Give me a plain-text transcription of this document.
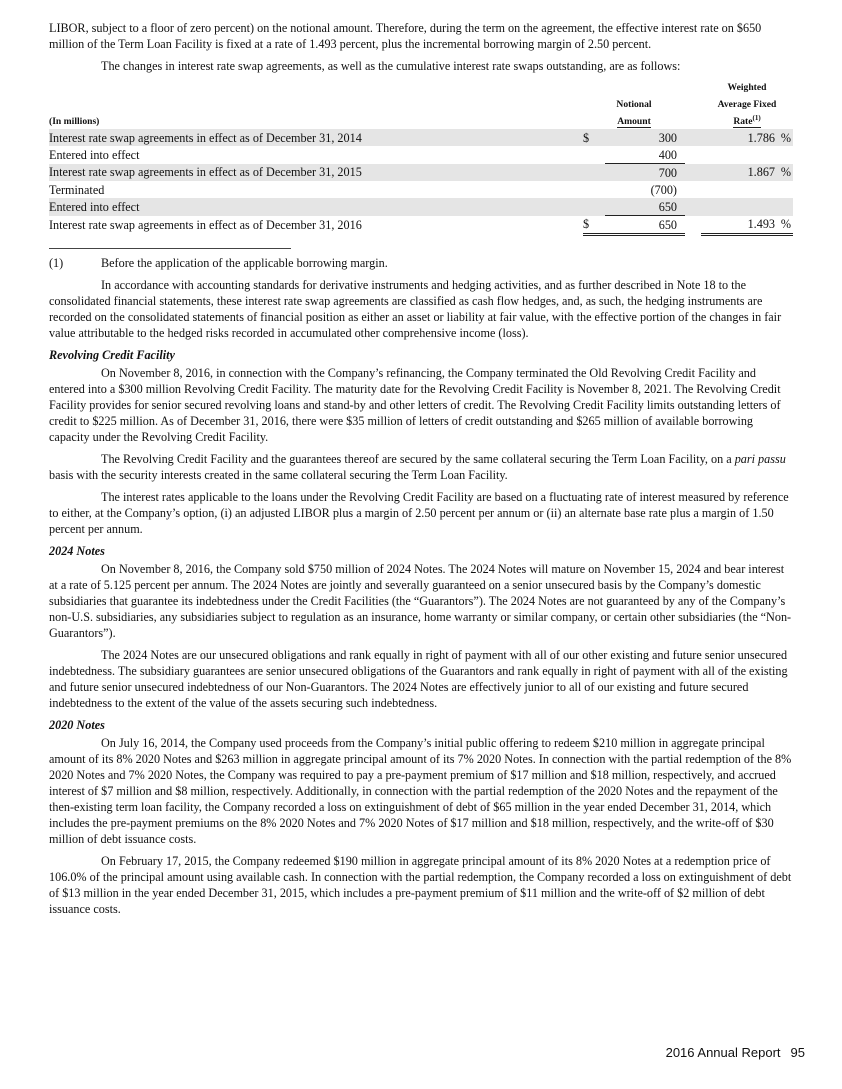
LIBOR, subject to a floor of zero percent) on the notional amount. Therefore, during the term on the agreement, the effective interest rate on $650 million of the Term Loan Facility is fixed at a rate of 1.493 percent, plus the incremental borrowing margin of 2.50 percent.

The changes in interest rate swap agreements, as well as the cumulative interest rate swaps outstanding, are as follows:

				Weighted	
	Notional			Average Fixed	
(In millions)	Amount			Rate$^{(1)}$
Interest rate swap agreements in effect as of December 31, 2014	$	300		1.786	%
Entered into effect		400			
Interest rate swap agreements in effect as of December 31, 2015		700		1.867	%
Terminated		(700)			
Entered into effect		650			
Interest rate swap agreements in effect as of December 31, 2016	$	650		1.493	%
(1)	Before the application of the applicable borrowing margin.

In accordance with accounting standards for derivative instruments and hedging activities, and as further described in Note 18 to the consolidated financial statements, these interest rate swap agreements are classified as cash flow hedges, and, as such, the hedging instruments are recorded on the consolidated statements of financial position as either an asset or liability at fair value, with the effective portion of the changes in fair value attributable to the hedged risks recorded in accumulated other comprehensive income (loss).

Revolving Credit Facility

On November 8, 2016, in connection with the Company’s refinancing, the Company terminated the Old Revolving Credit Facility and entered into a $300 million Revolving Credit Facility. The maturity date for the Revolving Credit Facility is November 8, 2021. The Revolving Credit Facility provides for senior secured revolving loans and stand-by and other letters of credit. The Revolving Credit Facility limits outstanding letters of credit to $225 million. As of December 31, 2016, there were $35 million of letters of credit outstanding and $265 million of available borrowing capacity under the Revolving Credit Facility.

The Revolving Credit Facility and the guarantees thereof are secured by the same collateral securing the Term Loan Facility, on a pari passu basis with the security interests created in the same collateral securing the Term Loan Facility.

The interest rates applicable to the loans under the Revolving Credit Facility are based on a fluctuating rate of interest measured by reference to either, at the Company’s option, (i) an adjusted LIBOR plus a margin of 2.50 percent per annum or (ii) an alternate base rate plus a margin of 1.50 percent per annum.

2024 Notes

On November 8, 2016, the Company sold $750 million of 2024 Notes. The 2024 Notes will mature on November 15, 2024 and bear interest at a rate of 5.125 percent per annum. The 2024 Notes are jointly and severally guaranteed on a senior unsecured basis by the Company’s domestic subsidiaries that guarantee its indebtedness under the Credit Facilities (the “Guarantors”). The 2024 Notes are not guaranteed by any of the Company’s non-U.S. subsidiaries, any subsidiaries subject to regulation as an insurance, home warranty or similar company, or certain other subsidiaries (the “Non-Guarantors”).

The 2024 Notes are our unsecured obligations and rank equally in right of payment with all of our other existing and future senior unsecured indebtedness. The subsidiary guarantees are senior unsecured obligations of the Guarantors and rank equally in right of payment with all of the existing and future senior unsecured indebtedness of our Non-Guarantors. The 2024 Notes are effectively junior to all of our existing and future secured indebtedness to the extent of the value of the assets securing such indebtedness.

2020 Notes

On July 16, 2014, the Company used proceeds from the Company’s initial public offering to redeem $210 million in aggregate principal amount of its 8% 2020 Notes and $263 million in aggregate principal amount of its 7% 2020 Notes. In connection with the partial redemption of the 8% 2020 Notes and 7% 2020 Notes, the Company was required to pay a pre-payment premium of $17 million and $18 million, respectively, and accrued interest of $7 million and $8 million, respectively. Additionally, in connection with the partial redemption of the 2020 Notes and the repayment of the then-existing term loan facility, the Company recorded a loss on extinguishment of debt of $65 million in the year ended December 31, 2014, which includes the pre-payment premiums on the 8% 2020 Notes and 7% 2020 Notes of $17 million and $18 million, respectively, and the write-off of $30 million of debt issuance costs.

On February 17, 2015, the Company redeemed $190 million in aggregate principal amount of its 8% 2020 Notes at a redemption price of 106.0% of the principal amount using available cash. In connection with the partial redemption, the Company recorded a loss on extinguishment of debt of $13 million in the year ended December 31, 2015, which includes a pre-payment premium of $11 million and the write-off of $2 million of debt issuance costs.

2016 Annual Report 95
